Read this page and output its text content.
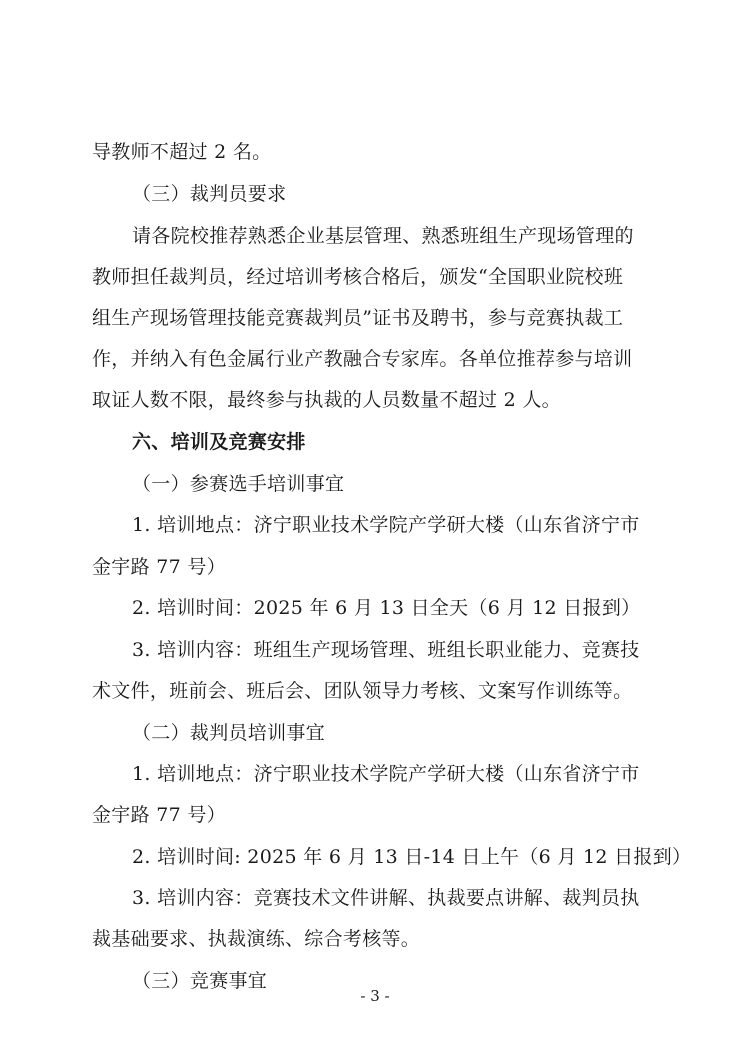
导教师不超过 2 名。
（三）裁判员要求
请各院校推荐熟悉企业基层管理、熟悉班组生产现场管理的
教师担任裁判员，经过培训考核合格后，颁发“全国职业院校班
组生产现场管理技能竞赛裁判员”证书及聘书，参与竞赛执裁工
作，并纳入有色金属行业产教融合专家库。各单位推荐参与培训
取证人数不限，最终参与执裁的人员数量不超过 2 人。
六、培训及竞赛安排
（一）参赛选手培训事宜
1. 培训地点：济宁职业技术学院产学研大楼（山东省济宁市
金宇路 77 号）
2. 培训时间：2025 年 6 月 13 日全天（6 月 12 日报到）
3. 培训内容：班组生产现场管理、班组长职业能力、竞赛技
术文件，班前会、班后会、团队领导力考核、文案写作训练等。
（二）裁判员培训事宜
1. 培训地点：济宁职业技术学院产学研大楼（山东省济宁市
金宇路 77 号）
2. 培训时间: 2025 年 6 月 13 日-14 日上午（6 月 12 日报到）
3. 培训内容：竞赛技术文件讲解、执裁要点讲解、裁判员执
裁基础要求、执裁演练、综合考核等。
（三）竞赛事宜
- 3 -
